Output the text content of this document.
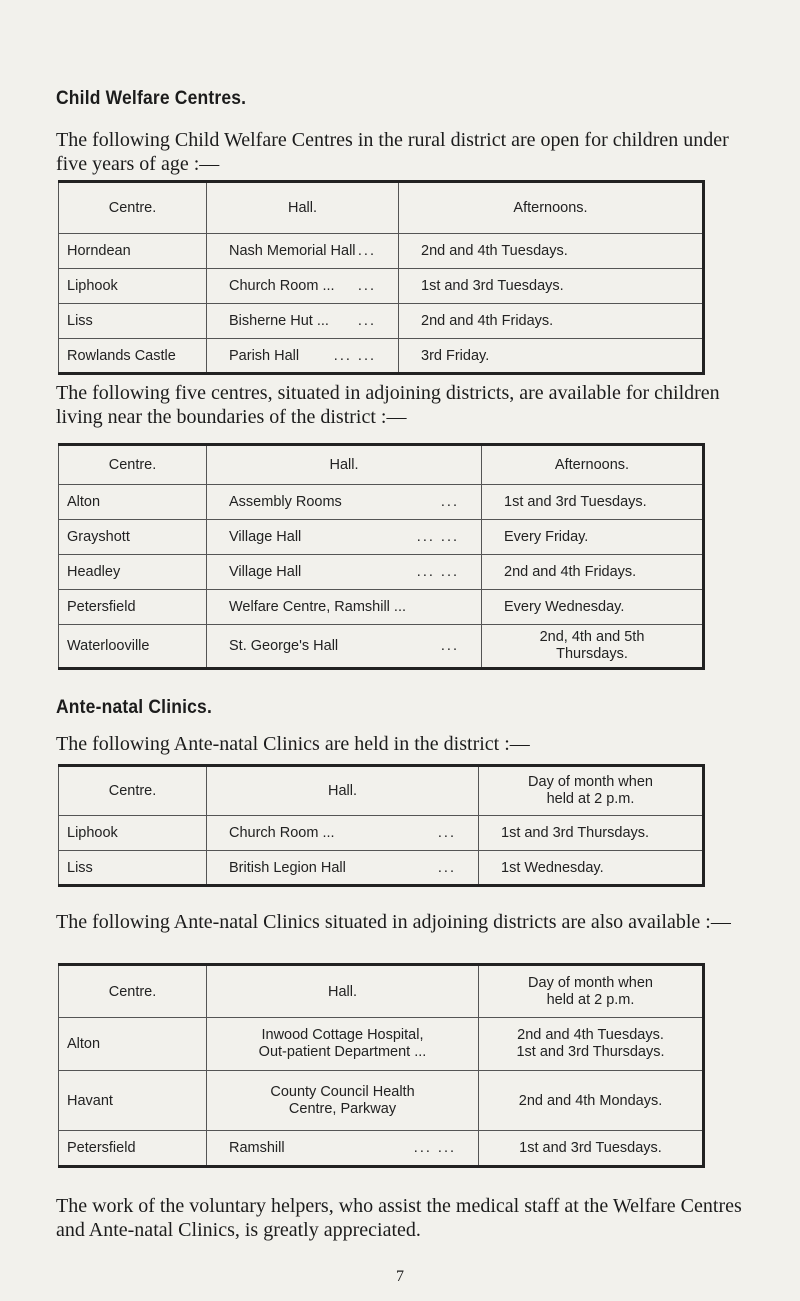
Child Welfare Centres.
The following Child Welfare Centres in the rural district are open for children under five years of age :—
Centre.	Hall.	Afternoons.
Horndean	Nash Memorial Hall ...	2nd and 4th Tuesdays.
Liphook	Church Room ... ...	1st and 3rd Tuesdays.
Liss	Bisherne Hut ... ...	2nd and 4th Fridays.
Rowlands Castle	Parish Hall ... ...	3rd Friday.
The following five centres, situated in adjoining districts, are available for children living near the boundaries of the district :—
Centre.	Hall.	Afternoons.
Alton	Assembly Rooms ...	1st and 3rd Tuesdays.
Grayshott	Village Hall ... ...	Every Friday.
Headley	Village Hall ... ...	2nd and 4th Fridays.
Petersfield	Welfare Centre, Ramshill ...	Every Wednesday.
Waterlooville	St. George's Hall ...	2nd, 4th and 5th
Thursdays.
Ante-natal Clinics.
The following Ante-natal Clinics are held in the district :—
Centre.	Hall.	Day of month when
held at 2 p.m.

Liphook	Church Room ... ...	1st and 3rd Thursdays.
Liss	British Legion Hall ...	1st Wednesday.
The following Ante-natal Clinics situated in adjoining districts are also available :—
Centre.	Hall.	Day of month when
held at 2 p.m.

Alton	Inwood Cottage Hospital,
Out-patient Department ...	2nd and 4th Tuesdays.
1st and 3rd Thursdays.

Havant	County Council Health
Centre, Parkway	2nd and 4th Mondays.
Petersfield	Ramshill ... ...	1st and 3rd Tuesdays.
The work of the voluntary helpers, who assist the medical staff at the Welfare Centres and Ante-natal Clinics, is greatly appreciated.
7
